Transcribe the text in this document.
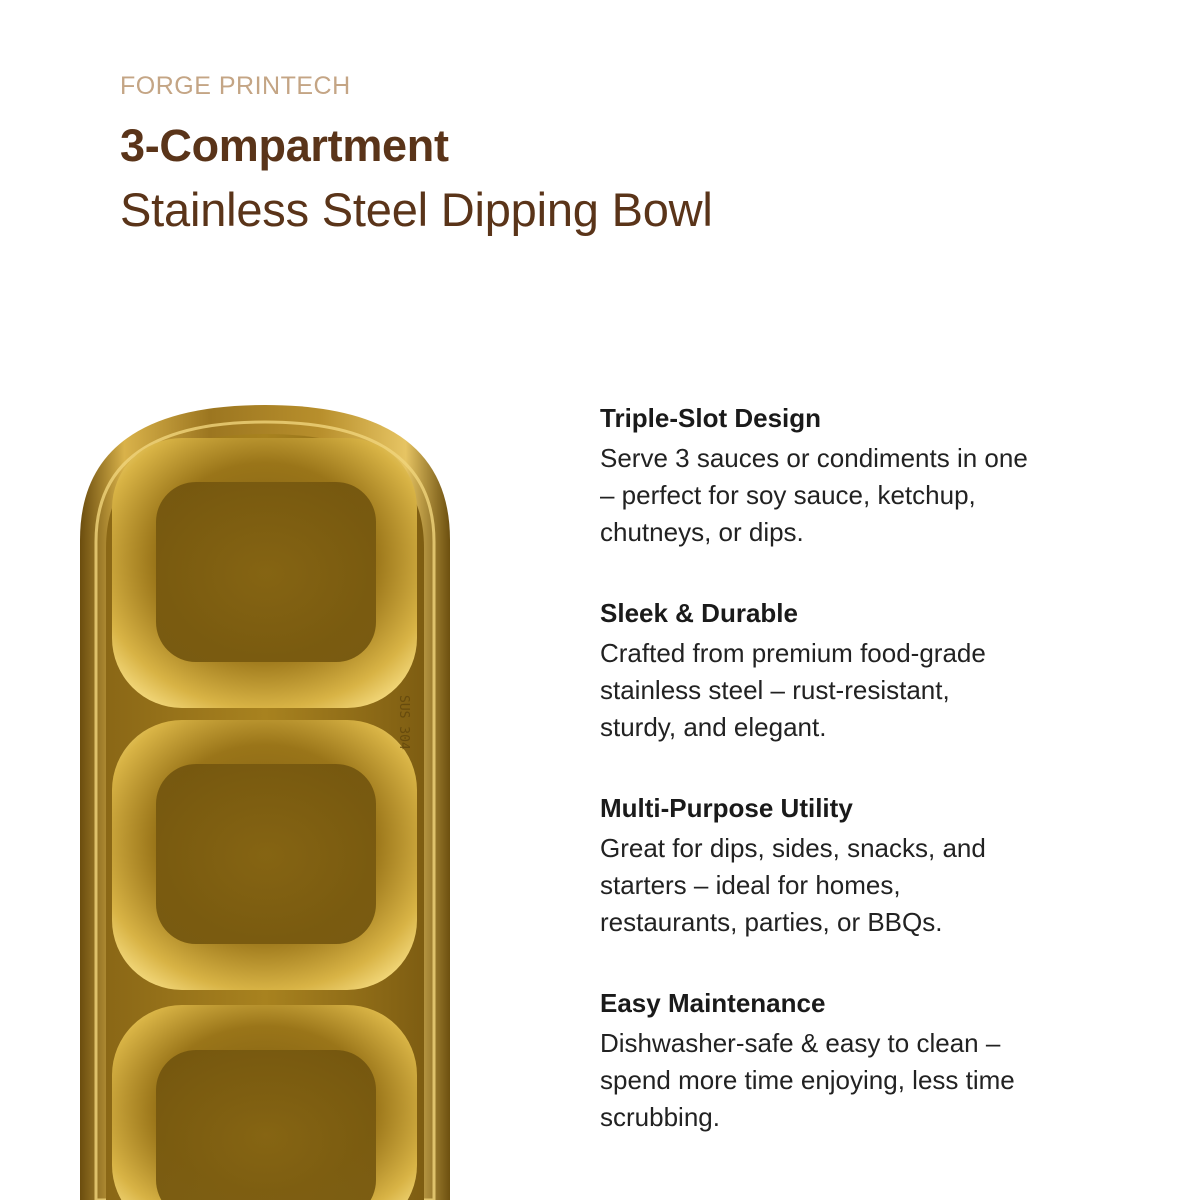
FORGE PRINTECH
3-Compartment
Stainless Steel Dipping Bowl
SUS 304
Triple-Slot Design

Serve 3 sauces or condiments in one
– perfect for soy sauce, ketchup,
chutneys, or dips.

Sleek & Durable

Crafted from premium food-grade
stainless steel – rust-resistant,
sturdy, and elegant.

Multi-Purpose Utility

Great for dips, sides, snacks, and
starters – ideal for homes,
restaurants, parties, or BBQs.

Easy Maintenance

Dishwasher-safe & easy to clean –
spend more time enjoying, less time
scrubbing.
